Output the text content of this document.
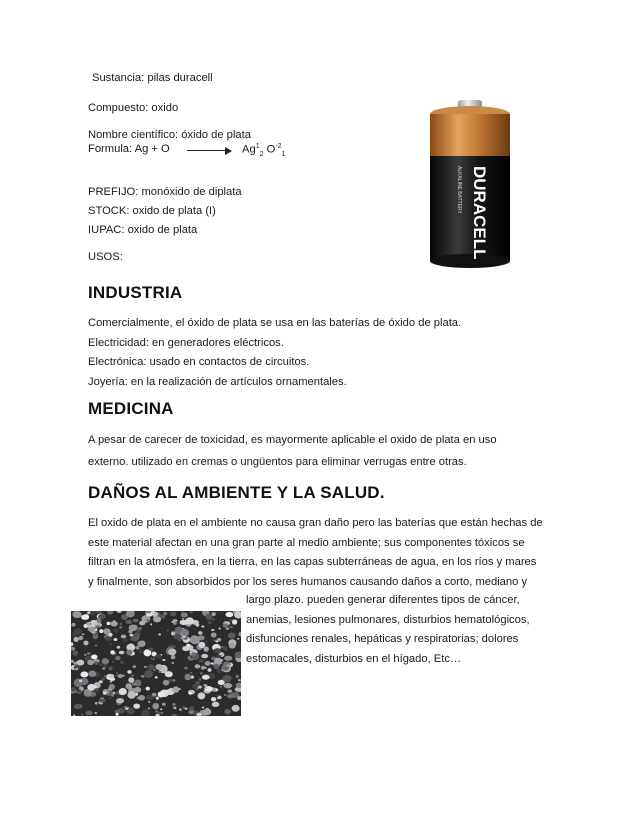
Sustancia: pilas duracell
Compuesto: oxido
Nombre científico: óxido de plata
Formula: $Ag + O \to Ag^1_2$ $O^{-2}_1$
PREFIJO: monóxido de diplata
STOCK: oxido de plata (I)
IUPAC: oxido de plata
USOS:	DURACELL
ALKALINE BATTERY
INDUSTRIA
Comercialmente, el óxido de plata se usa en las baterías de óxido de plata.
Electricidad: en generadores eléctricos.
Electrónica: usado en contactos de circuitos.
Joyería: en la realización de artículos ornamentales.
MEDICINA
A pesar de carecer de toxicidad, es mayormente aplicable el oxido de plata en uso
externo. utilizado en cremas o ungüentos para eliminar verrugas entre otras.
DAÑOS AL AMBIENTE Y LA SALUD.
El oxido de plata en el ambiente no causa gran daño pero las baterías que están hechas de
este material afectan en una gran parte al medio ambiente; sus componentes tóxicos se
filtran en la atmósfera, en la tierra, en las capas subterráneas de agua, en los ríos y mares
y finalmente, son absorbidos por los seres humanos causando daños a corto, mediano y
largo plazo. pueden generar diferentes tipos de cáncer,
anemias, lesiones pulmonares, disturbios hematológicos,
disfunciones renales, hepáticas y respiratorias; dolores
estomacales, disturbios en el hígado, Etc…
